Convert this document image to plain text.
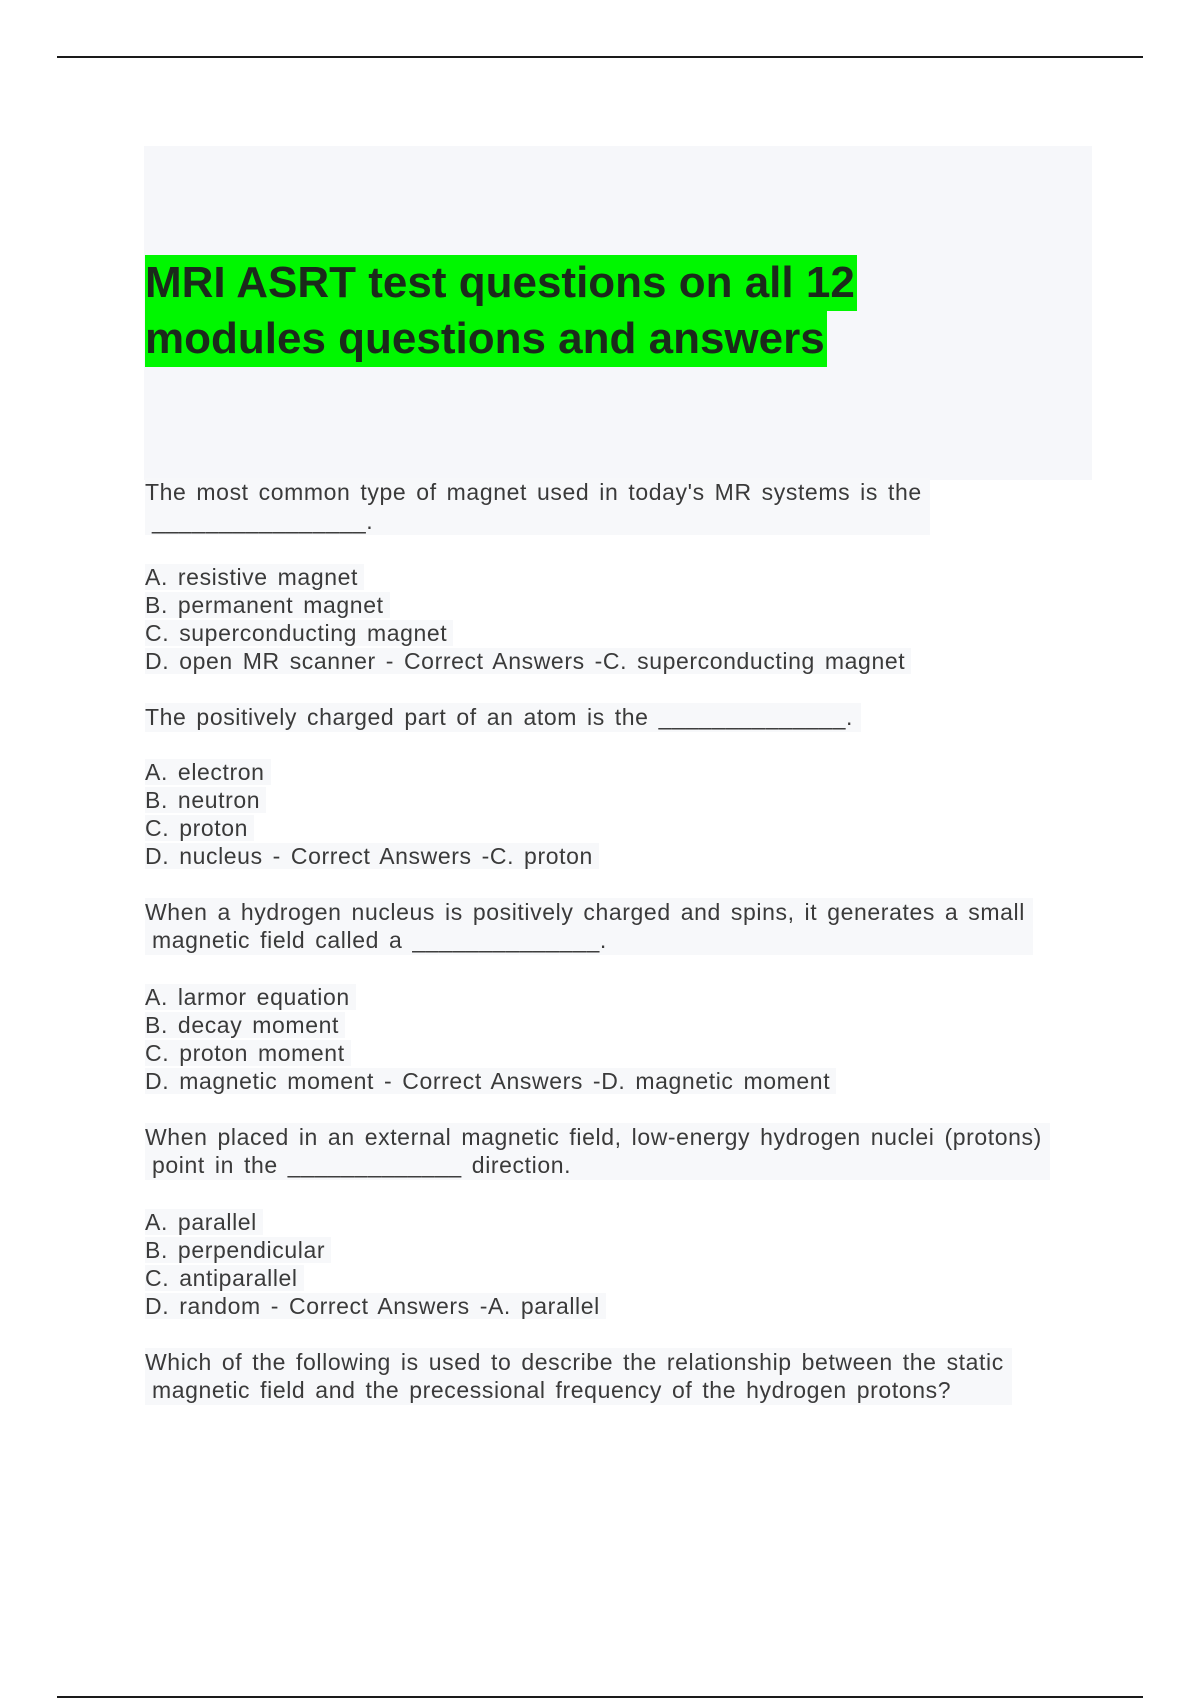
MRI ASRT test questions on all 12
modules questions and answers
The most common type of magnet used in today's MR systems is the
________________.
A. resistive magnet
B. permanent magnet
C. superconducting magnet
D. open MR scanner - Correct Answers -C. superconducting magnet
The positively charged part of an atom is the ______________.
A. electron
B. neutron
C. proton
D. nucleus - Correct Answers -C. proton
When a hydrogen nucleus is positively charged and spins, it generates a small
magnetic field called a ______________.
A. larmor equation
B. decay moment
C. proton moment
D. magnetic moment - Correct Answers -D. magnetic moment
When placed in an external magnetic field, low-energy hydrogen nuclei (protons)
point in the _____________ direction.
A. parallel
B. perpendicular
C. antiparallel
D. random - Correct Answers -A. parallel
Which of the following is used to describe the relationship between the static
magnetic field and the precessional frequency of the hydrogen protons?
